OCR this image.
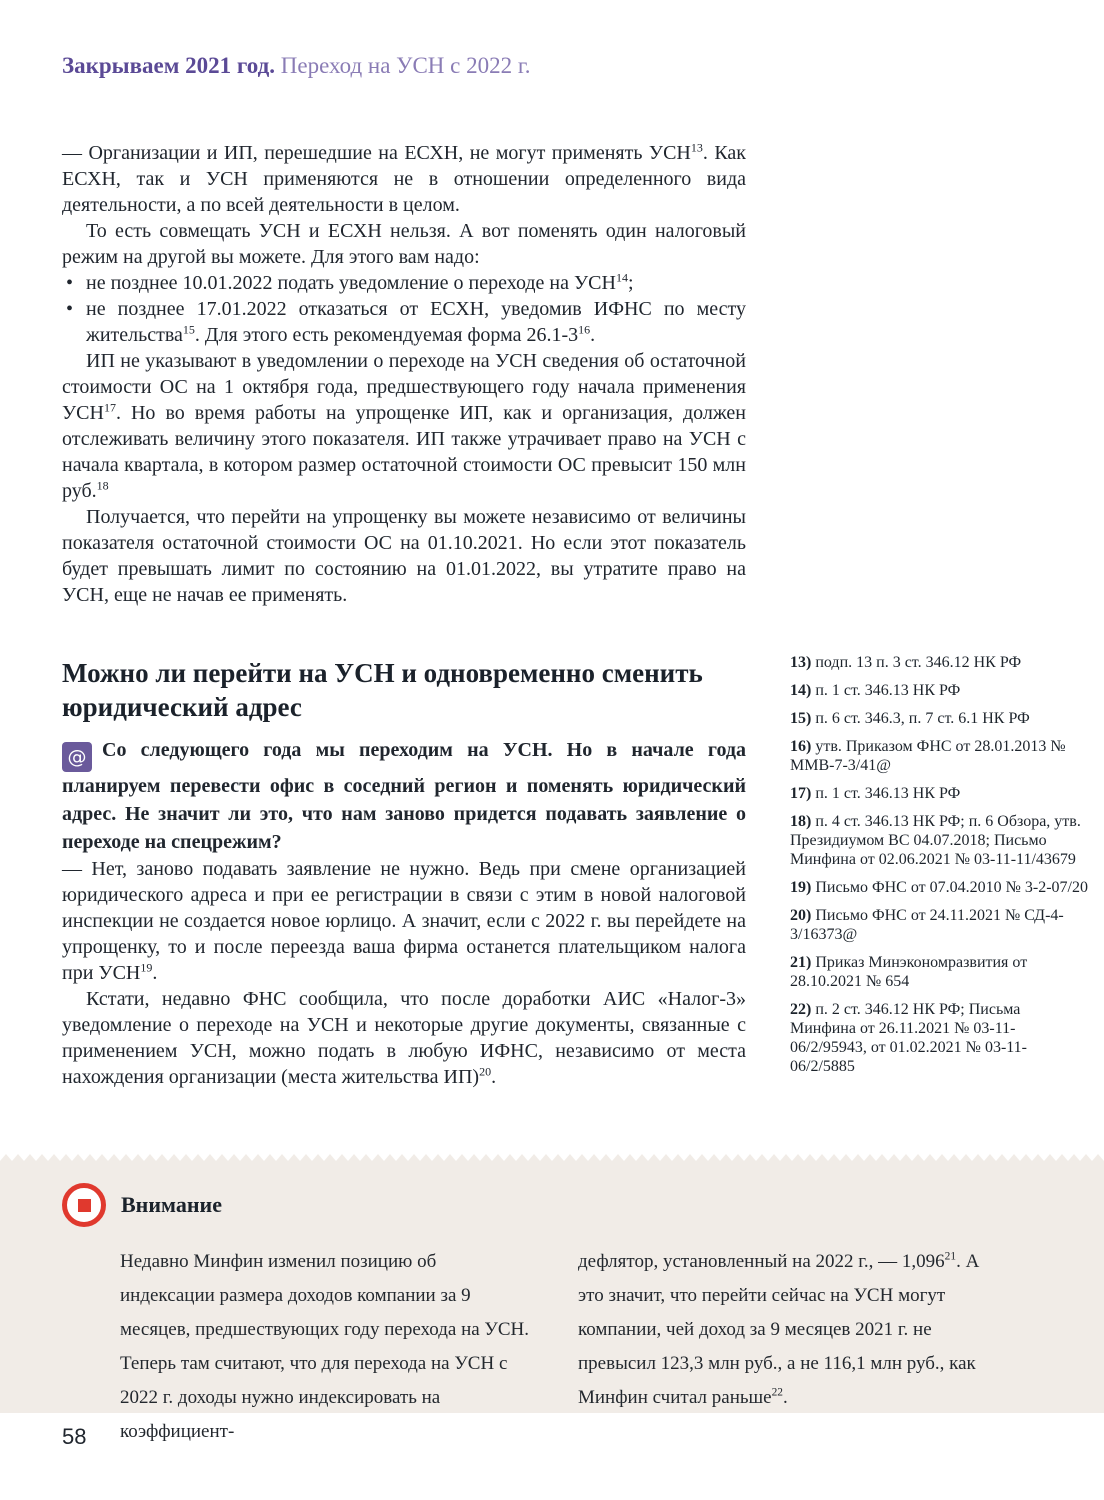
Закрываем 2021 год. Переход на УСН с 2022 г.

— Организации и ИП, перешедшие на ЕСХН, не могут применять УСН$^{13}$. Как ЕСХН, так и УСН применяются не в отношении определенного вида деятельности, а по всей деятельности в целом.

То есть совмещать УСН и ЕСХН нельзя. А вот поменять один налоговый режим на другой вы можете. Для этого вам надо:

• не позднее 10.01.2022 подать уведомление о переходе на УСН$^{14}$;
• не позднее 17.01.2022 отказаться от ЕСХН, уведомив ИФНС по месту жительства$^{15}$. Для этого есть рекомендуемая форма $26.1-3^{16}$.

ИП не указывают в уведомлении о переходе на УСН сведения об остаточной стоимости ОС на 1 октября года, предшествующего году начала применения УСН$^{17}$. Но во время работы на упрощенке ИП, как и организация, должен отслеживать величину этого показателя. ИП также утрачивает право на УСН с начала квартала, в котором размер остаточной стоимости ОС превысит 150 млн руб.$^{18}$

Получается, что перейти на упрощенку вы можете независимо от величины показателя остаточной стоимости ОС на 01.10.2021. Но если этот показатель будет превышать лимит по состоянию на 01.01.2022, вы утратите право на УСН, еще не начав ее применять.

Можно ли перейти на УСН и одновременно сменить юридический адрес

@ Со следующего года мы переходим на УСН. Но в начале года планируем перевести офис в соседний регион и поменять юридический адрес. Не значит ли это, что нам заново придется подавать заявление о переходе на спецрежим?

— Нет, заново подавать заявление не нужно. Ведь при смене организацией юридического адреса и при ее регистрации в связи с этим в новой налоговой инспекции не создается новое юрлицо. А значит, если с 2022 г. вы перейдете на упрощенку, то и после переезда ваша фирма останется плательщиком налога при УСН$^{19}$.

Кстати, недавно ФНС сообщила, что после доработки АИС «Налог-3» уведомление о переходе на УСН и некоторые другие документы, связанные с применением УСН, можно подать в любую ИФНС, независимо от места нахождения организации (места жительства ИП)$^{20}$.

13) подп. 13 п. 3 ст. 346.12 НК РФ
14) п. 1 ст. 346.13 НК РФ
15) п. 6 ст. 346.3, п. 7 ст. 6.1 НК РФ
16) утв. Приказом ФНС от 28.01.2013 № ММВ-7-3/41@
17) п. 1 ст. 346.13 НК РФ
18) п. 4 ст. 346.13 НК РФ; п. 6 Обзора, утв. Президиумом ВС 04.07.2018; Письмо Минфина от 02.06.2021 № 03-11-11/43679
19) Письмо ФНС от 07.04.2010 № 3-2-07/20
20) Письмо ФНС от 24.11.2021 № СД-4-3/16373@
21) Приказ Минэкономразвития от 28.10.2021 № 654
22) п. 2 ст. 346.12 НК РФ; Письма Минфина от 26.11.2021 № 03-11-06/2/95943, от 01.02.2021 № 03-11-06/2/5885
Внимание
Недавно Минфин изменил позицию об индексации размера доходов компании за 9 месяцев, предшествующих году перехода на УСН. Теперь там считают, что для перехода на УСН с 2022 г. доходы нужно индексировать на коэффициент-
дефлятор, установленный на 2022 г., — 1,096$^{21}$. А это значит, что перейти сейчас на УСН могут компании, чей доход за 9 месяцев 2021 г. не превысил 123,3 млн руб., а не 116,1 млн руб., как Минфин считал раньше$^{22}$.
58
